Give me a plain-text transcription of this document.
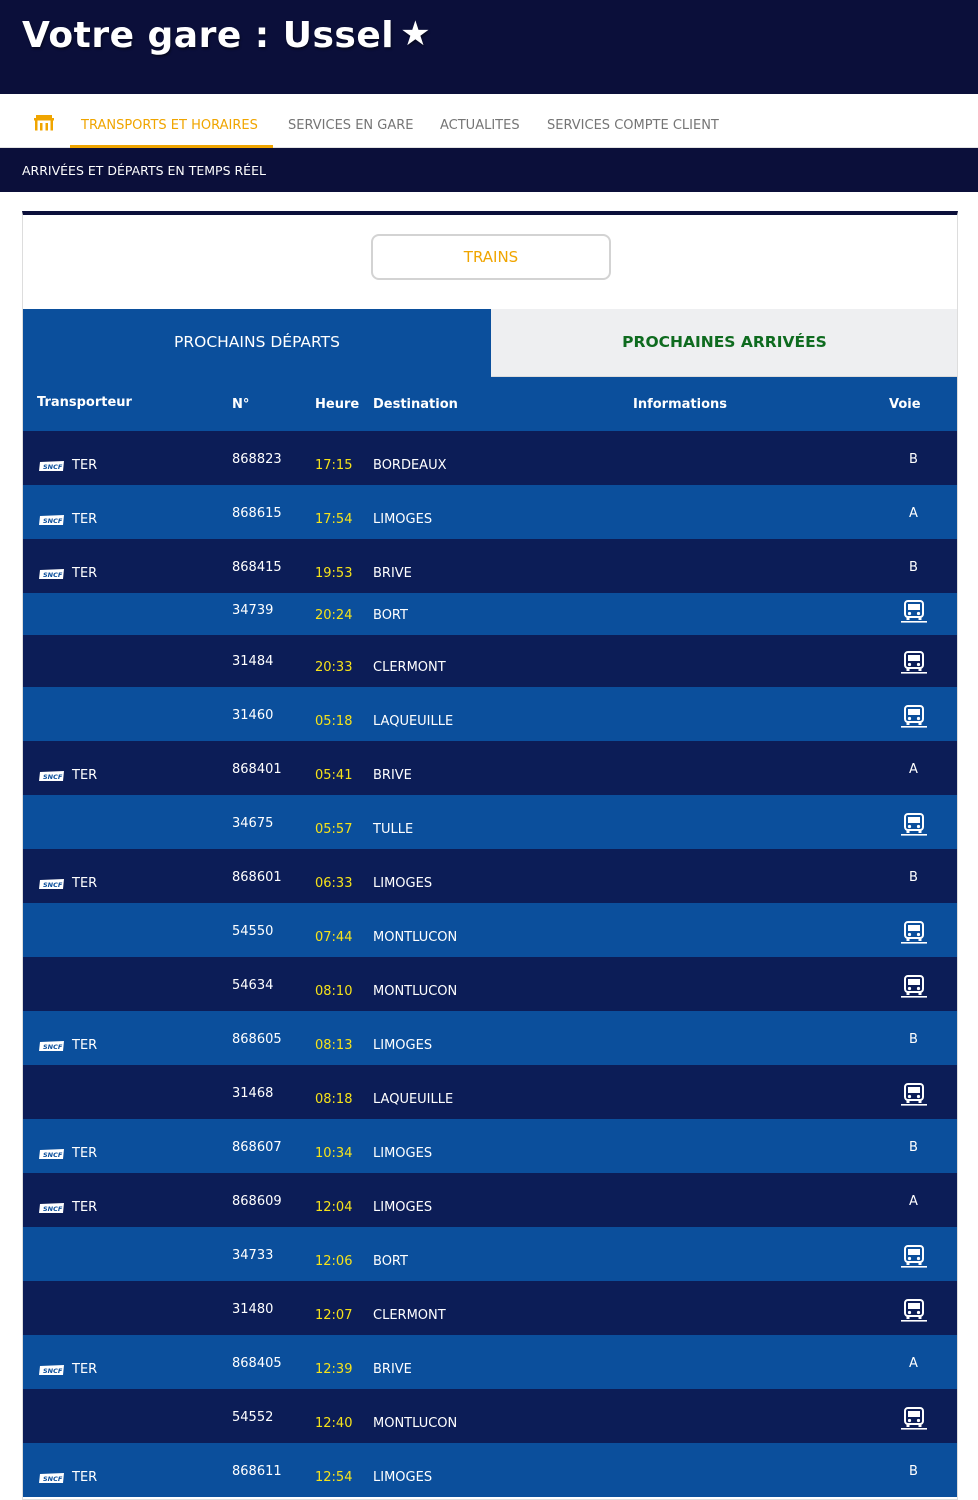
Votre gare : Ussel ★
TRANSPORTS ET HORAIRES SERVICES EN GARE ACTUALITES SERVICES COMPTE CLIENT
ARRIVÉES ET DÉPARTS EN TEMPS RÉEL
TRAINS
PROCHAINS DÉPARTS	PROCHAINES ARRIVÉES
Transporteur	N°	Heure Destination	Informations	Voie
SNCF TER	868823	17:15 BORDEAUX	B
SNCF TER	868615	17:54 LIMOGES	A
SNCF TER	868415	19:53 BRIVE	B
34739	20:24 BORT
31484	20:33 CLERMONT
31460	05:18 LAQUEUILLE
SNCF TER	868401	05:41 BRIVE	A
34675	05:57 TULLE
SNCF TER	868601	06:33 LIMOGES	B
54550	07:44 MONTLUCON
54634	08:10 MONTLUCON
SNCF TER	868605	08:13 LIMOGES	B
31468	08:18 LAQUEUILLE
SNCF TER	868607	10:34 LIMOGES	B
SNCF TER	868609	12:04 LIMOGES	A
34733	12:06 BORT
31480	12:07 CLERMONT
SNCF TER	868405	12:39 BRIVE	A
54552	12:40 MONTLUCON
SNCF TER	868611	12:54 LIMOGES	B
